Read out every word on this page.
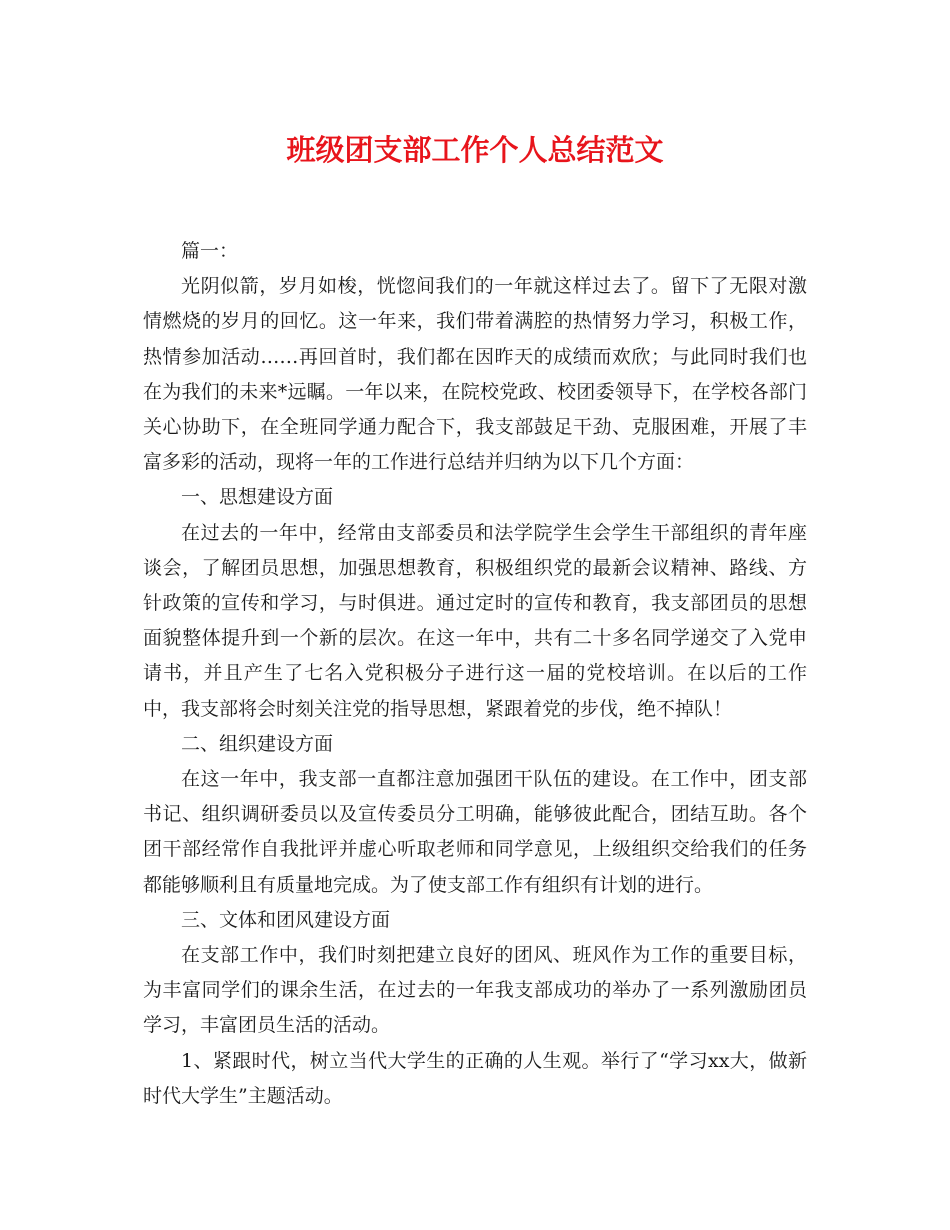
班级团支部工作个人总结范文

篇一：

光阴似箭，岁月如梭，恍惚间我们的一年就这样过去了。留下了无限对激情燃烧的岁月的回忆。这一年来，我们带着满腔的热情努力学习，积极工作，热情参加活动……再回首时，我们都在因昨天的成绩而欢欣；与此同时我们也在为我们的未来*远瞩。一年以来，在院校党政、校团委领导下，在学校各部门关心协助下，在全班同学通力配合下，我支部鼓足干劲、克服困难，开展了丰富多彩的活动，现将一年的工作进行总结并归纳为以下几个方面：

一、思想建设方面

在过去的一年中，经常由支部委员和法学院学生会学生干部组织的青年座谈会，了解团员思想，加强思想教育，积极组织党的最新会议精神、路线、方针政策的宣传和学习，与时俱进。通过定时的宣传和教育，我支部团员的思想面貌整体提升到一个新的层次。在这一年中，共有二十多名同学递交了入党申请书，并且产生了七名入党积极分子进行这一届的党校培训。在以后的工作中，我支部将会时刻关注党的指导思想，紧跟着党的步伐，绝不掉队！

二、组织建设方面

在这一年中，我支部一直都注意加强团干队伍的建设。在工作中，团支部书记、组织调研委员以及宣传委员分工明确，能够彼此配合，团结互助。各个团干部经常作自我批评并虚心听取老师和同学意见，上级组织交给我们的任务都能够顺利且有质量地完成。为了使支部工作有组织有计划的进行。

三、文体和团风建设方面

在支部工作中，我们时刻把建立良好的团风、班风作为工作的重要目标，为丰富同学们的课余生活，在过去的一年我支部成功的举办了一系列激励团员学习，丰富团员生活的活动。

1、紧跟时代，树立当代大学生的正确的人生观。举行了“学习xx大，做新时代大学生”主题活动。
